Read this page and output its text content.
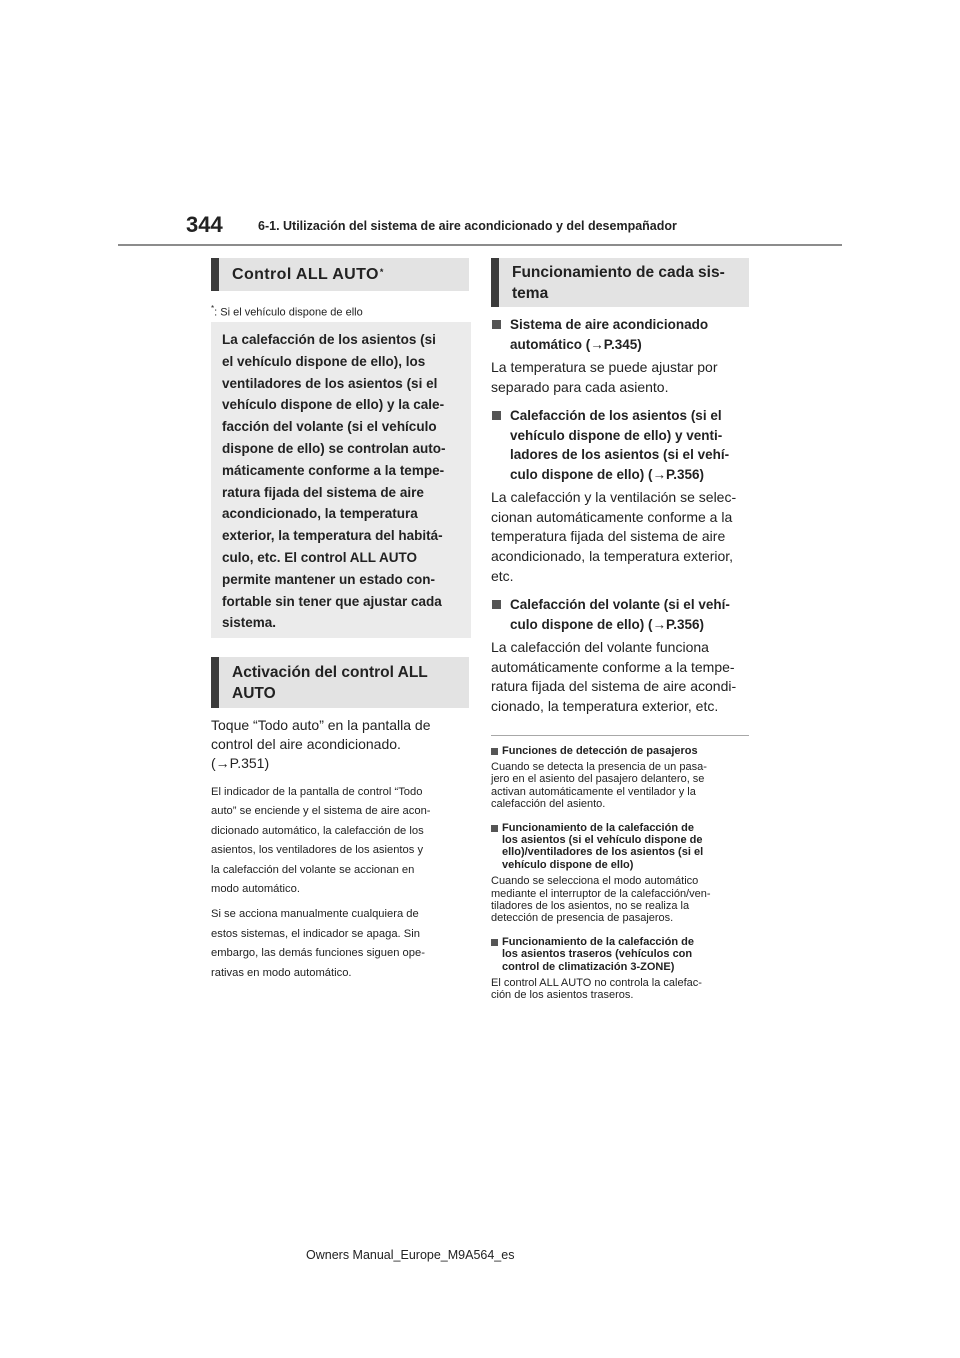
344	6-1. Utilización del sistema de aire acondicionado y del desempañador
Control ALL AUTO*
*: Si el vehículo dispone de ello
La calefacción de los asientos (si
el vehículo dispone de ello), los
ventiladores de los asientos (si el
vehículo dispone de ello) y la cale-
facción del volante (si el vehículo
dispone de ello) se controlan auto-
máticamente conforme a la tempe-
ratura fijada del sistema de aire
acondicionado, la temperatura
exterior, la temperatura del habitá-
culo, etc. El control ALL AUTO
permite mantener un estado con-
fortable sin tener que ajustar cada
sistema.
Activación del control ALL
AUTO
Toque “Todo auto” en la pantalla de
control del aire acondicionado.
(→P.351)
El indicador de la pantalla de control “Todo
auto” se enciende y el sistema de aire acon-
dicionado automático, la calefacción de los
asientos, los ventiladores de los asientos y
la calefacción del volante se accionan en
modo automático.
Si se acciona manualmente cualquiera de
estos sistemas, el indicador se apaga. Sin
embargo, las demás funciones siguen ope-
rativas en modo automático.
Funcionamiento de cada sis-
tema
Sistema de aire acondicionado
automático (→P.345)
La temperatura se puede ajustar por
separado para cada asiento.
Calefacción de los asientos (si el
vehículo dispone de ello) y venti-
ladores de los asientos (si el vehí-
culo dispone de ello) (→P.356)
La calefacción y la ventilación se selec-
cionan automáticamente conforme a la
temperatura fijada del sistema de aire
acondicionado, la temperatura exterior,
etc.
Calefacción del volante (si el vehí-
culo dispone de ello) (→P.356)
La calefacción del volante funciona
automáticamente conforme a la tempe-
ratura fijada del sistema de aire acondi-
cionado, la temperatura exterior, etc.
Funciones de detección de pasajeros
Cuando se detecta la presencia de un pasa-
jero en el asiento del pasajero delantero, se
activan automáticamente el ventilador y la
calefacción del asiento.
Funcionamiento de la calefacción de
los asientos (si el vehículo dispone de
ello)/ventiladores de los asientos (si el
vehículo dispone de ello)
Cuando se selecciona el modo automático
mediante el interruptor de la calefacción/ven-
tiladores de los asientos, no se realiza la
detección de presencia de pasajeros.
Funcionamiento de la calefacción de
los asientos traseros (vehículos con
control de climatización 3-ZONE)
El control ALL AUTO no controla la calefac-
ción de los asientos traseros.
Owners Manual_Europe_M9A564_es
